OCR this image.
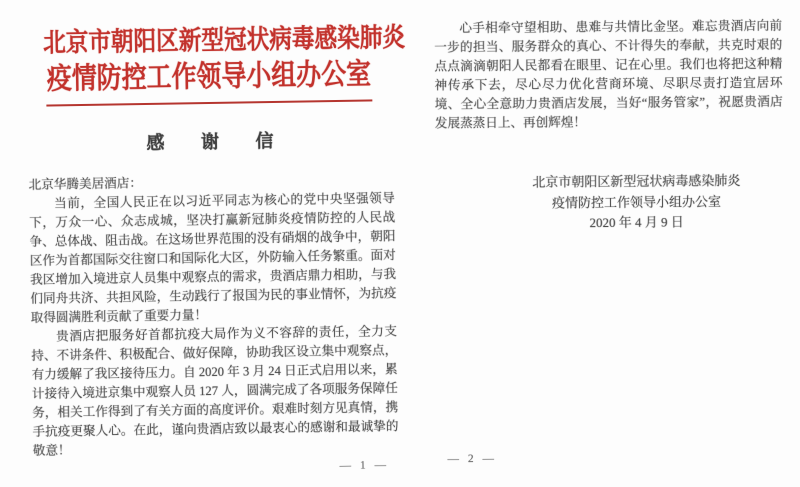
北京市朝阳区新型冠状病毒感染肺炎
疫情防控工作领导小组办公室
感 谢 信

北京华腾美居酒店：

当前，全国人民正在以习近平同志为核心的党中央坚强领导下，万众一心、众志成城，坚决打赢新冠肺炎疫情防控的人民战争、总体战、阻击战。在这场世界范围的没有硝烟的战争中，朝阳区作为首都国际交往窗口和国际化大区，外防输入任务繁重。面对我区增加入境进京人员集中观察点的需求，贵酒店鼎力相助，与我们同舟共济、共担风险，生动践行了报国为民的事业情怀，为抗疫取得圆满胜利贡献了重要力量！

贵酒店把服务好首都抗疫大局作为义不容辞的责任，全力支持、不讲条件、积极配合、做好保障，协助我区设立集中观察点，有力缓解了我区接待压力。自 2020 年 3 月 24 日正式启用以来，累计接待入境进京集中观察人员 127 人，圆满完成了各项服务保障任务，相关工作得到了有关方面的高度评价。艰难时刻方见真情，携手抗疫更聚人心。在此，谨向贵酒店致以最衷心的感谢和最诚挚的敬意！

— 1 —

心手相牵守望相助、患难与共情比金坚。难忘贵酒店向前一步的担当、服务群众的真心、不计得失的奉献，共克时艰的点点滴滴朝阳人民都看在眼里、记在心里。我们也将把这种精神传承下去，尽心尽力优化营商环境、尽职尽责打造宜居环境、全心全意助力贵酒店发展，当好“服务管家”，祝愿贵酒店发展蒸蒸日上、再创辉煌！

北京市朝阳区新型冠状病毒感染肺炎
疫情防控工作领导小组办公室
2020 年 4 月 9 日
— 2 —
